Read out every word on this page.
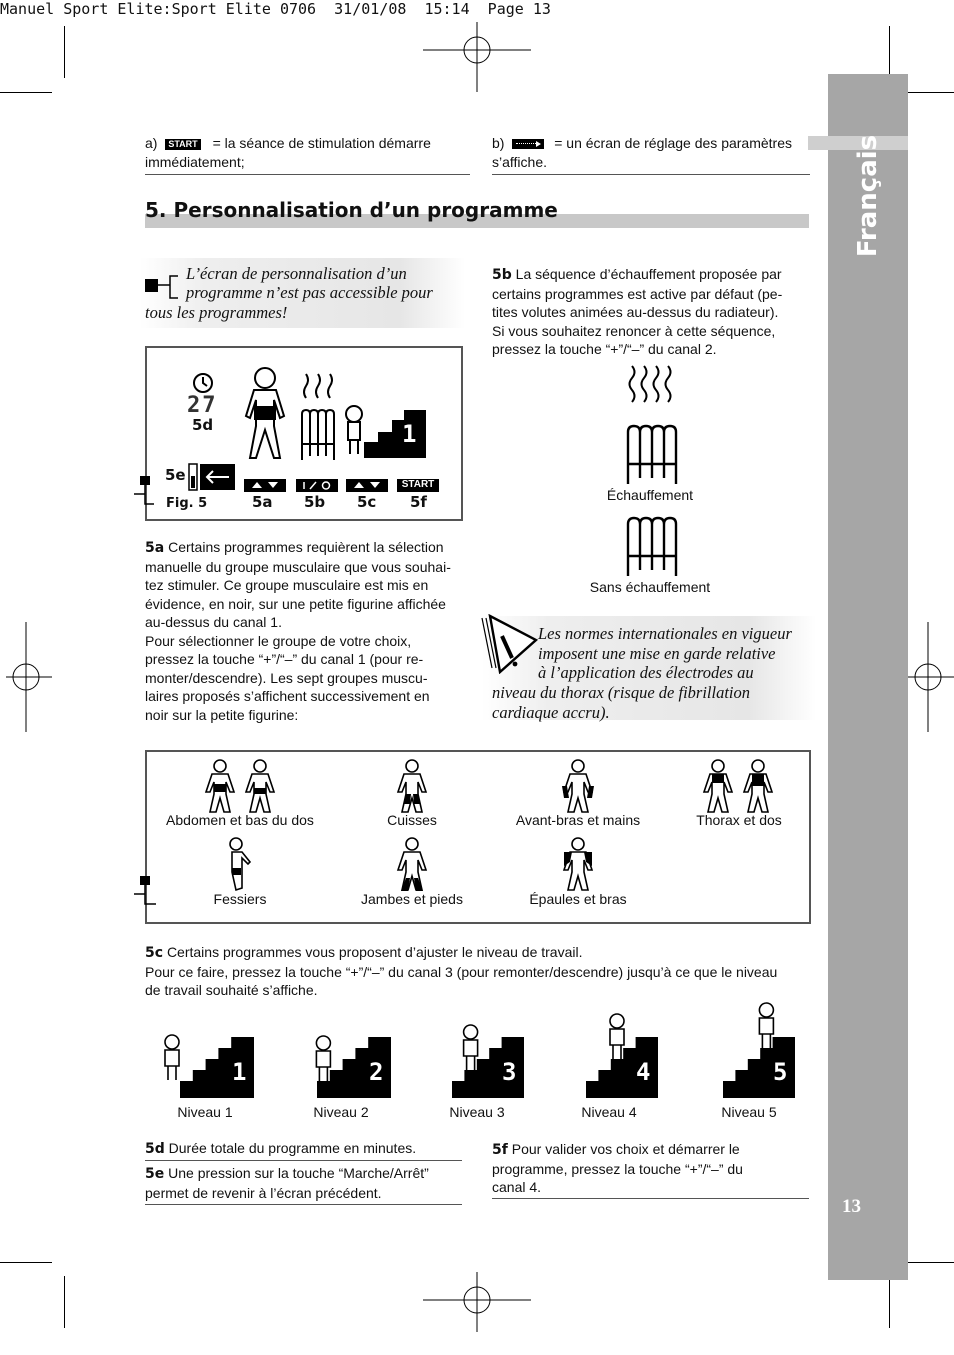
Manuel Sport Elite:Sport Elite 0706  31/01/08  15:14  Page 13
Français
13
a) START = la séance de stimulation démarre
immédiatement;
b)	= un écran de réglage des paramètres
s’affiche.
5. Personnalisation d’un programme
L’écran de personnalisation d’un
programme n’est pas accessible pour
tous les programmes!
27
5d	1
5e
Fig. 5
START
5a 5b 5c 5f
5a Certains programmes requièrent la sélection
manuelle du groupe musculaire que vous souhai-
tez stimuler. Ce groupe musculaire est mis en
évidence, en noir, sur une petite figurine affichée
au-dessus du canal 1.
Pour sélectionner le groupe de votre choix,
pressez la touche “+”/“–” du canal 1 (pour re-
monter/descendre). Les sept groupes muscu-
laires proposés s’affichent successivement en
noir sur la petite figurine:
5b La séquence d’échauffement proposée par
certains programmes est active par défaut (pe-
tites volutes animées au-dessus du radiateur).
Si vous souhaitez renoncer à cette séquence,
pressez la touche “+”/“–” du canal 2.
Échauffement
Sans échauffement
Les normes internationales en vigueur
imposent une mise en garde relative
à l’application des électrodes au
niveau du thorax (risque de fibrillation
cardiaque accru).
Abdomen et bas du dos	Cuisses	Avant-bras et mains	Thorax et dos
Fessiers	Jambes et pieds	Épaules et bras
5c Certains programmes vous proposent d’ajuster le niveau de travail.
Pour ce faire, pressez la touche “+”/“–” du canal 3 (pour remonter/descendre) jusqu’à ce que le niveau
de travail souhaité s’affiche.
1
Niveau 1
2
Niveau 2
3
Niveau 3
4
Niveau 4
5
Niveau 5
5d Durée totale du programme en minutes.
5e Une pression sur la touche “Marche/Arrêt”
permet de revenir à l’écran précédent.
5f Pour valider vos choix et démarrer le
programme, pressez la touche “+”/“–” du
canal 4.
